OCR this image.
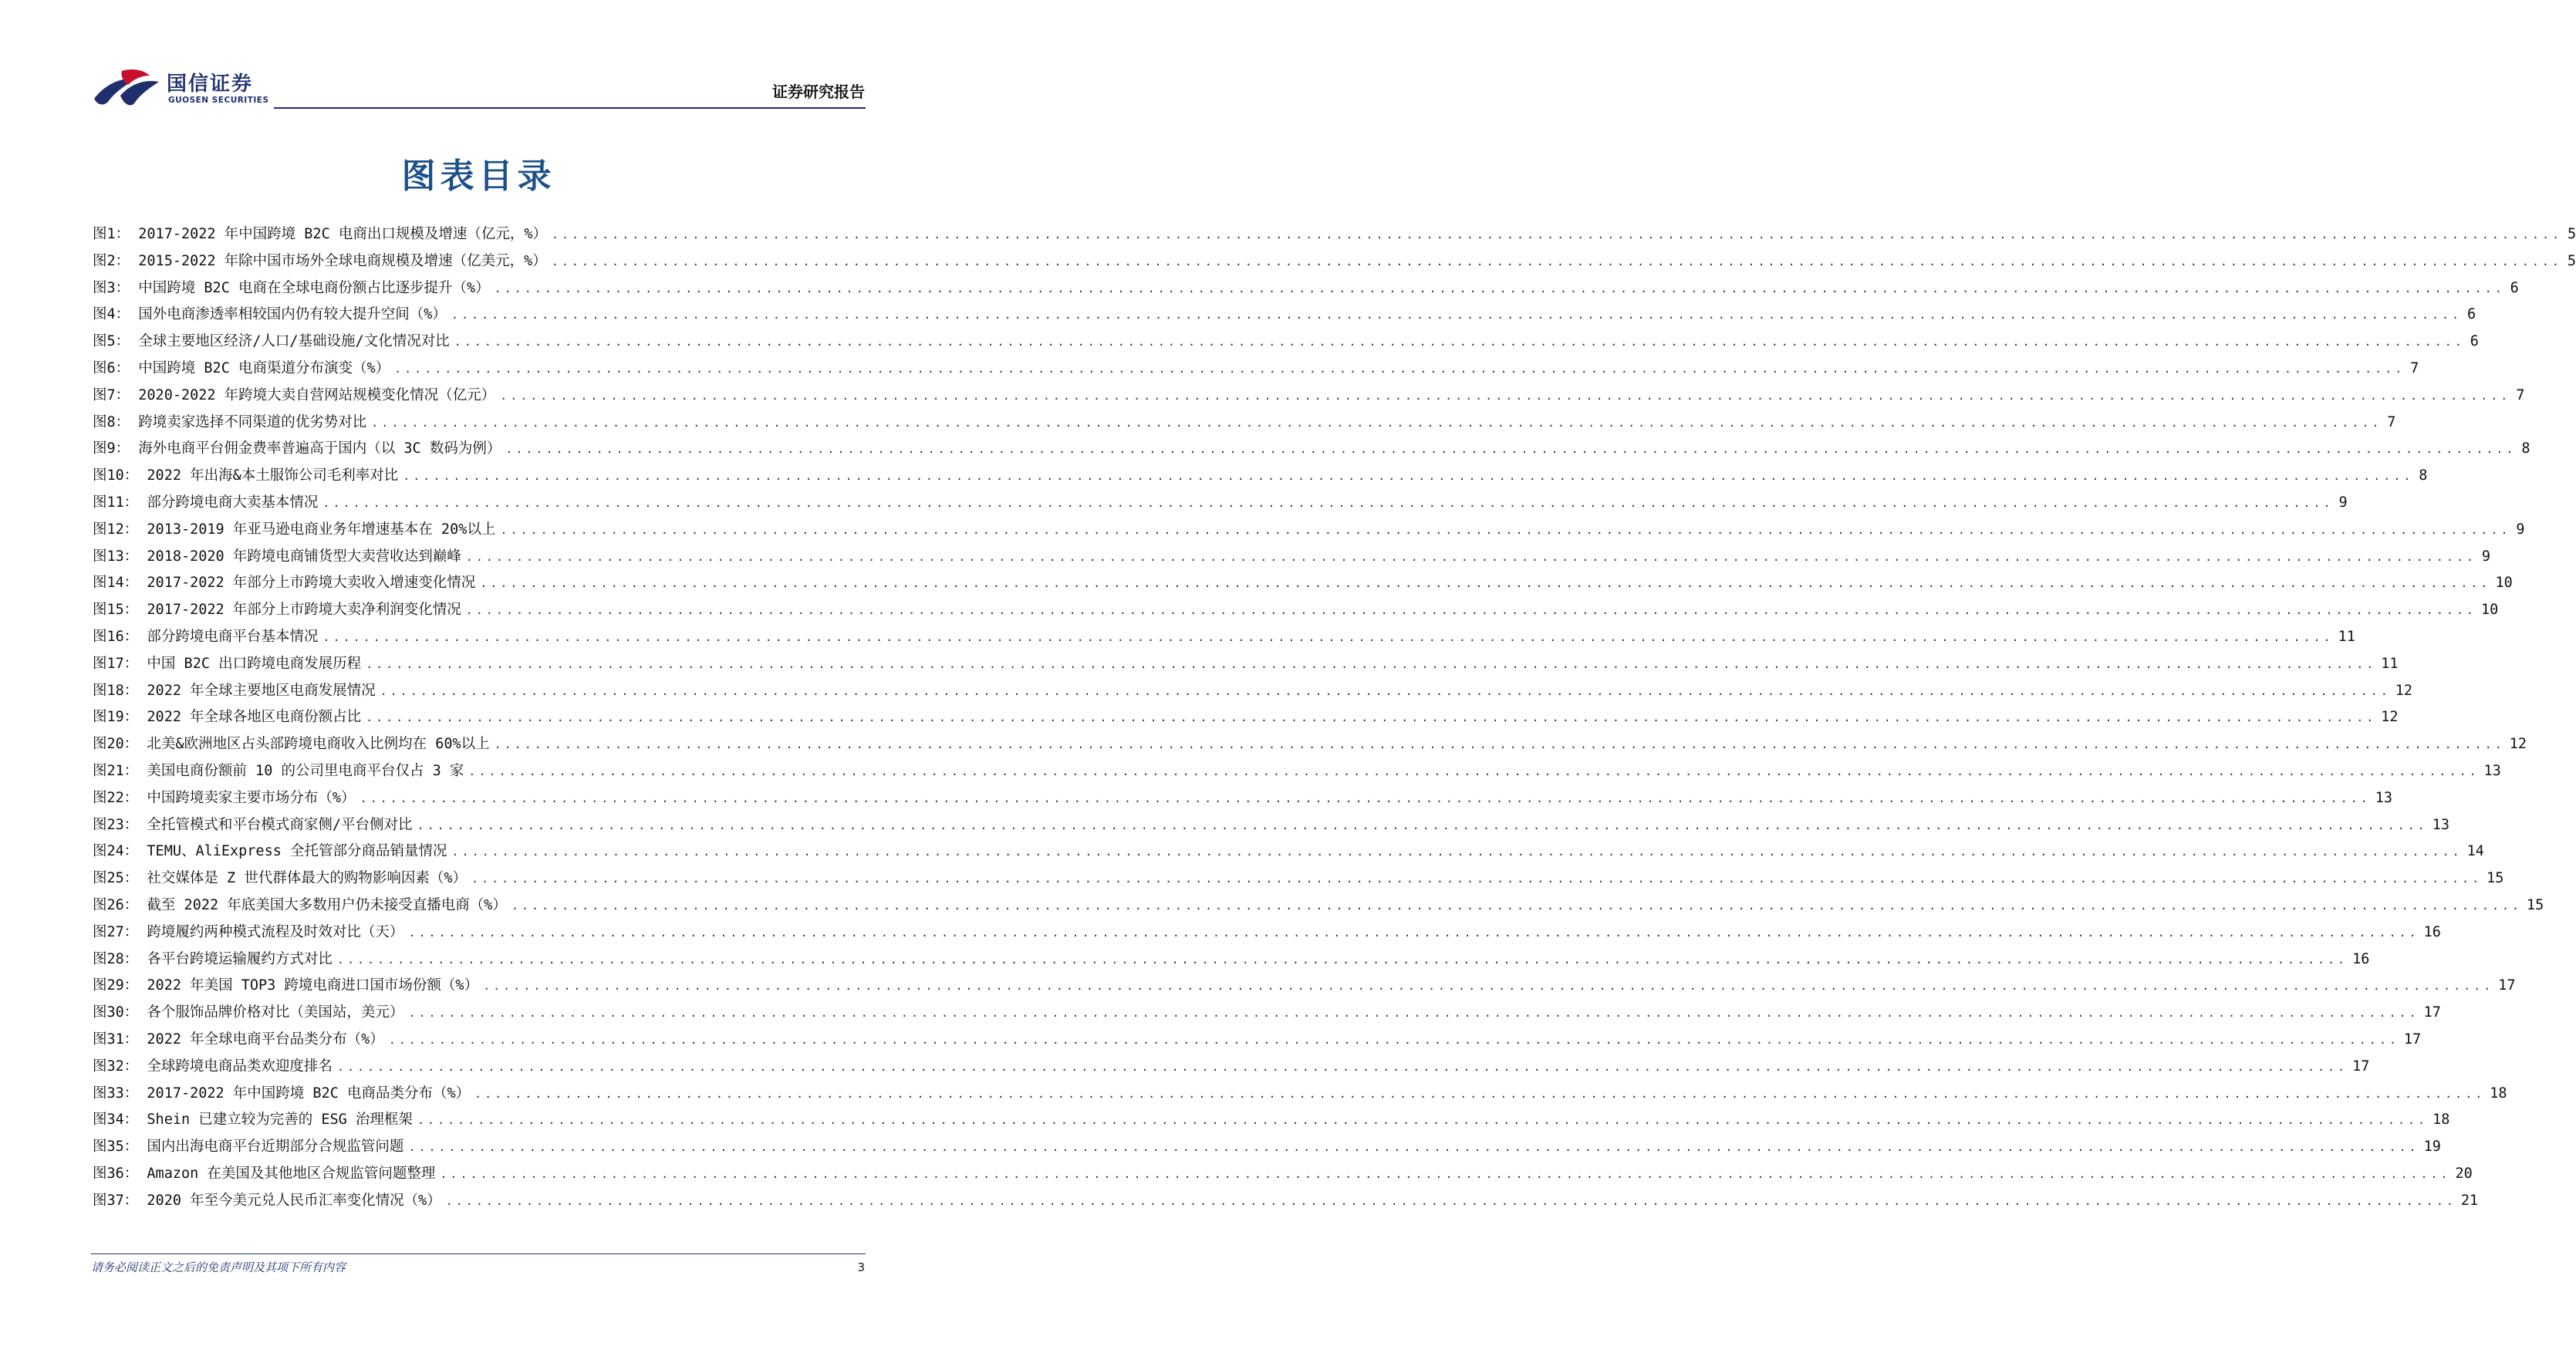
国信证券
GUOSEN SECURITIES	证券研究报告
图表目录
图1： 2017-2022 年中国跨境 B2C 电商出口规模及增速（亿元，%） ........................................................................................................................................................................................................ 5
图2： 2015-2022 年除中国市场外全球电商规模及增速（亿美元，%） ........................................................................................................................................................................................................ 5
图3： 中国跨境 B2C 电商在全球电商份额占比逐步提升（%） ........................................................................................................................................................................................................ 6
图4： 国外电商渗透率相较国内仍有较大提升空间（%） ........................................................................................................................................................................................................ 6
图5： 全球主要地区经济/人口/基础设施/文化情况对比 ........................................................................................................................................................................................................ 6
图6： 中国跨境 B2C 电商渠道分布演变（%） ........................................................................................................................................................................................................ 7
图7： 2020-2022 年跨境大卖自营网站规模变化情况（亿元） ........................................................................................................................................................................................................ 7
图8： 跨境卖家选择不同渠道的优劣势对比 ........................................................................................................................................................................................................ 7
图9： 海外电商平台佣金费率普遍高于国内（以 3C 数码为例） ........................................................................................................................................................................................................ 8
图10： 2022 年出海&本土服饰公司毛利率对比 ........................................................................................................................................................................................................ 8
图11： 部分跨境电商大卖基本情况 ........................................................................................................................................................................................................ 9
图12： 2013-2019 年亚马逊电商业务年增速基本在 20%以上 ........................................................................................................................................................................................................ 9
图13： 2018-2020 年跨境电商铺货型大卖营收达到巅峰 ........................................................................................................................................................................................................ 9
图14： 2017-2022 年部分上市跨境大卖收入增速变化情况 ........................................................................................................................................................................................................ 10
图15： 2017-2022 年部分上市跨境大卖净利润变化情况 ........................................................................................................................................................................................................ 10
图16： 部分跨境电商平台基本情况 ........................................................................................................................................................................................................ 11
图17： 中国 B2C 出口跨境电商发展历程 ........................................................................................................................................................................................................ 11
图18： 2022 年全球主要地区电商发展情况 ........................................................................................................................................................................................................ 12
图19： 2022 年全球各地区电商份额占比 ........................................................................................................................................................................................................ 12
图20： 北美&欧洲地区占头部跨境电商收入比例均在 60%以上 ........................................................................................................................................................................................................ 12
图21： 美国电商份额前 10 的公司里电商平台仅占 3 家 ........................................................................................................................................................................................................ 13
图22： 中国跨境卖家主要市场分布（%） ........................................................................................................................................................................................................ 13
图23： 全托管模式和平台模式商家侧/平台侧对比 ........................................................................................................................................................................................................ 13
图24： TEMU、AliExpress 全托管部分商品销量情况 ........................................................................................................................................................................................................ 14
图25： 社交媒体是 Z 世代群体最大的购物影响因素（%） ........................................................................................................................................................................................................ 15
图26： 截至 2022 年底美国大多数用户仍未接受直播电商（%） ........................................................................................................................................................................................................ 15
图27： 跨境履约两种模式流程及时效对比（天） ........................................................................................................................................................................................................ 16
图28： 各平台跨境运输履约方式对比 ........................................................................................................................................................................................................ 16
图29： 2022 年美国 TOP3 跨境电商进口国市场份额（%） ........................................................................................................................................................................................................ 17
图30： 各个服饰品牌价格对比（美国站，美元） ........................................................................................................................................................................................................ 17
图31： 2022 年全球电商平台品类分布（%） ........................................................................................................................................................................................................ 17
图32： 全球跨境电商品类欢迎度排名 ........................................................................................................................................................................................................ 17
图33： 2017-2022 年中国跨境 B2C 电商品类分布（%） ........................................................................................................................................................................................................ 18
图34： Shein 已建立较为完善的 ESG 治理框架 ........................................................................................................................................................................................................ 18
图35： 国内出海电商平台近期部分合规监管问题 ........................................................................................................................................................................................................ 19
图36： Amazon 在美国及其他地区合规监管问题整理 ........................................................................................................................................................................................................ 20
图37： 2020 年至今美元兑人民币汇率变化情况（%） ........................................................................................................................................................................................................ 21
请务必阅读正文之后的免责声明及其项下所有内容	3
